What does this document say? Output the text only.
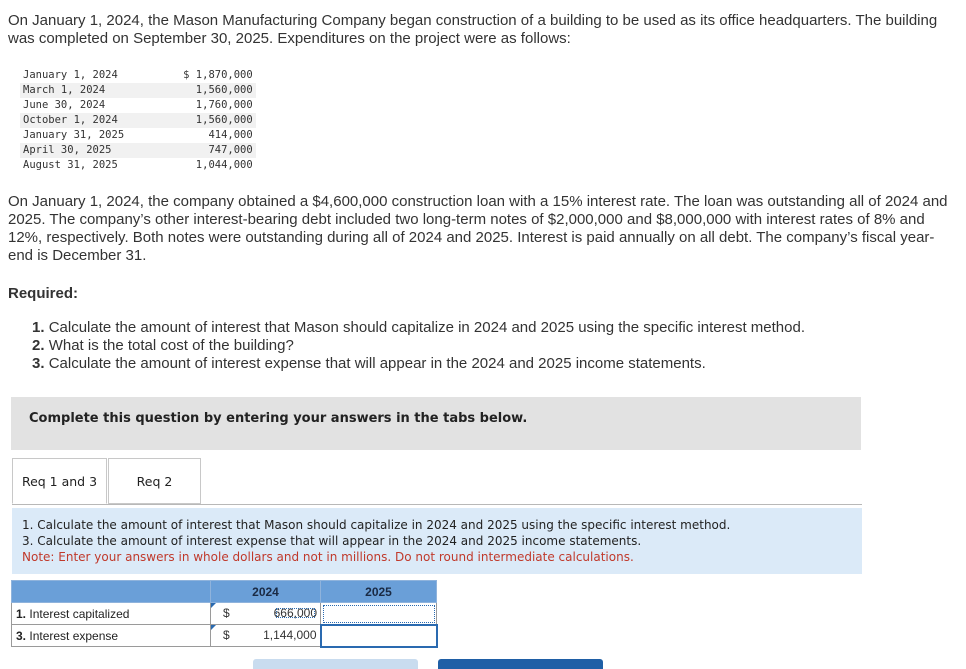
On January 1, 2024, the Mason Manufacturing Company began construction of a building to be used as its office headquarters. The building was completed on September 30, 2025. Expenditures on the project were as follows:

January 1, 2024	$ 1,870,000
March 1, 2024	1,560,000
June 30, 2024	1,760,000
October 1, 2024	1,560,000
January 31, 2025	414,000
April 30, 2025	747,000
August 31, 2025	1,044,000

On January 1, 2024, the company obtained a $4,600,000 construction loan with a 15% interest rate. The loan was outstanding all of 2024 and 2025. The company’s other interest-bearing debt included two long-term notes of $2,000,000 and $8,000,000 with interest rates of 8% and 12%, respectively. Both notes were outstanding during all of 2024 and 2025. Interest is paid annually on all debt. The company’s fiscal year-end is December 31.

Required:

1. Calculate the amount of interest that Mason should capitalize in 2024 and 2025 using the specific interest method.
2. What is the total cost of the building?
3. Calculate the amount of interest expense that will appear in the 2024 and 2025 income statements.
Complete this question by entering your answers in the tabs below.
Req 1 and 3	Req 2
1. Calculate the amount of interest that Mason should capitalize in 2024 and 2025 using the specific interest method.
3. Calculate the amount of interest expense that will appear in the 2024 and 2025 income statements.
Note: Enter your answers in whole dollars and not in millions. Do not round intermediate calculations.
	2024	2025
1. Interest capitalized	$ 666,000	

3. Interest expense	$ 1,144,000	
